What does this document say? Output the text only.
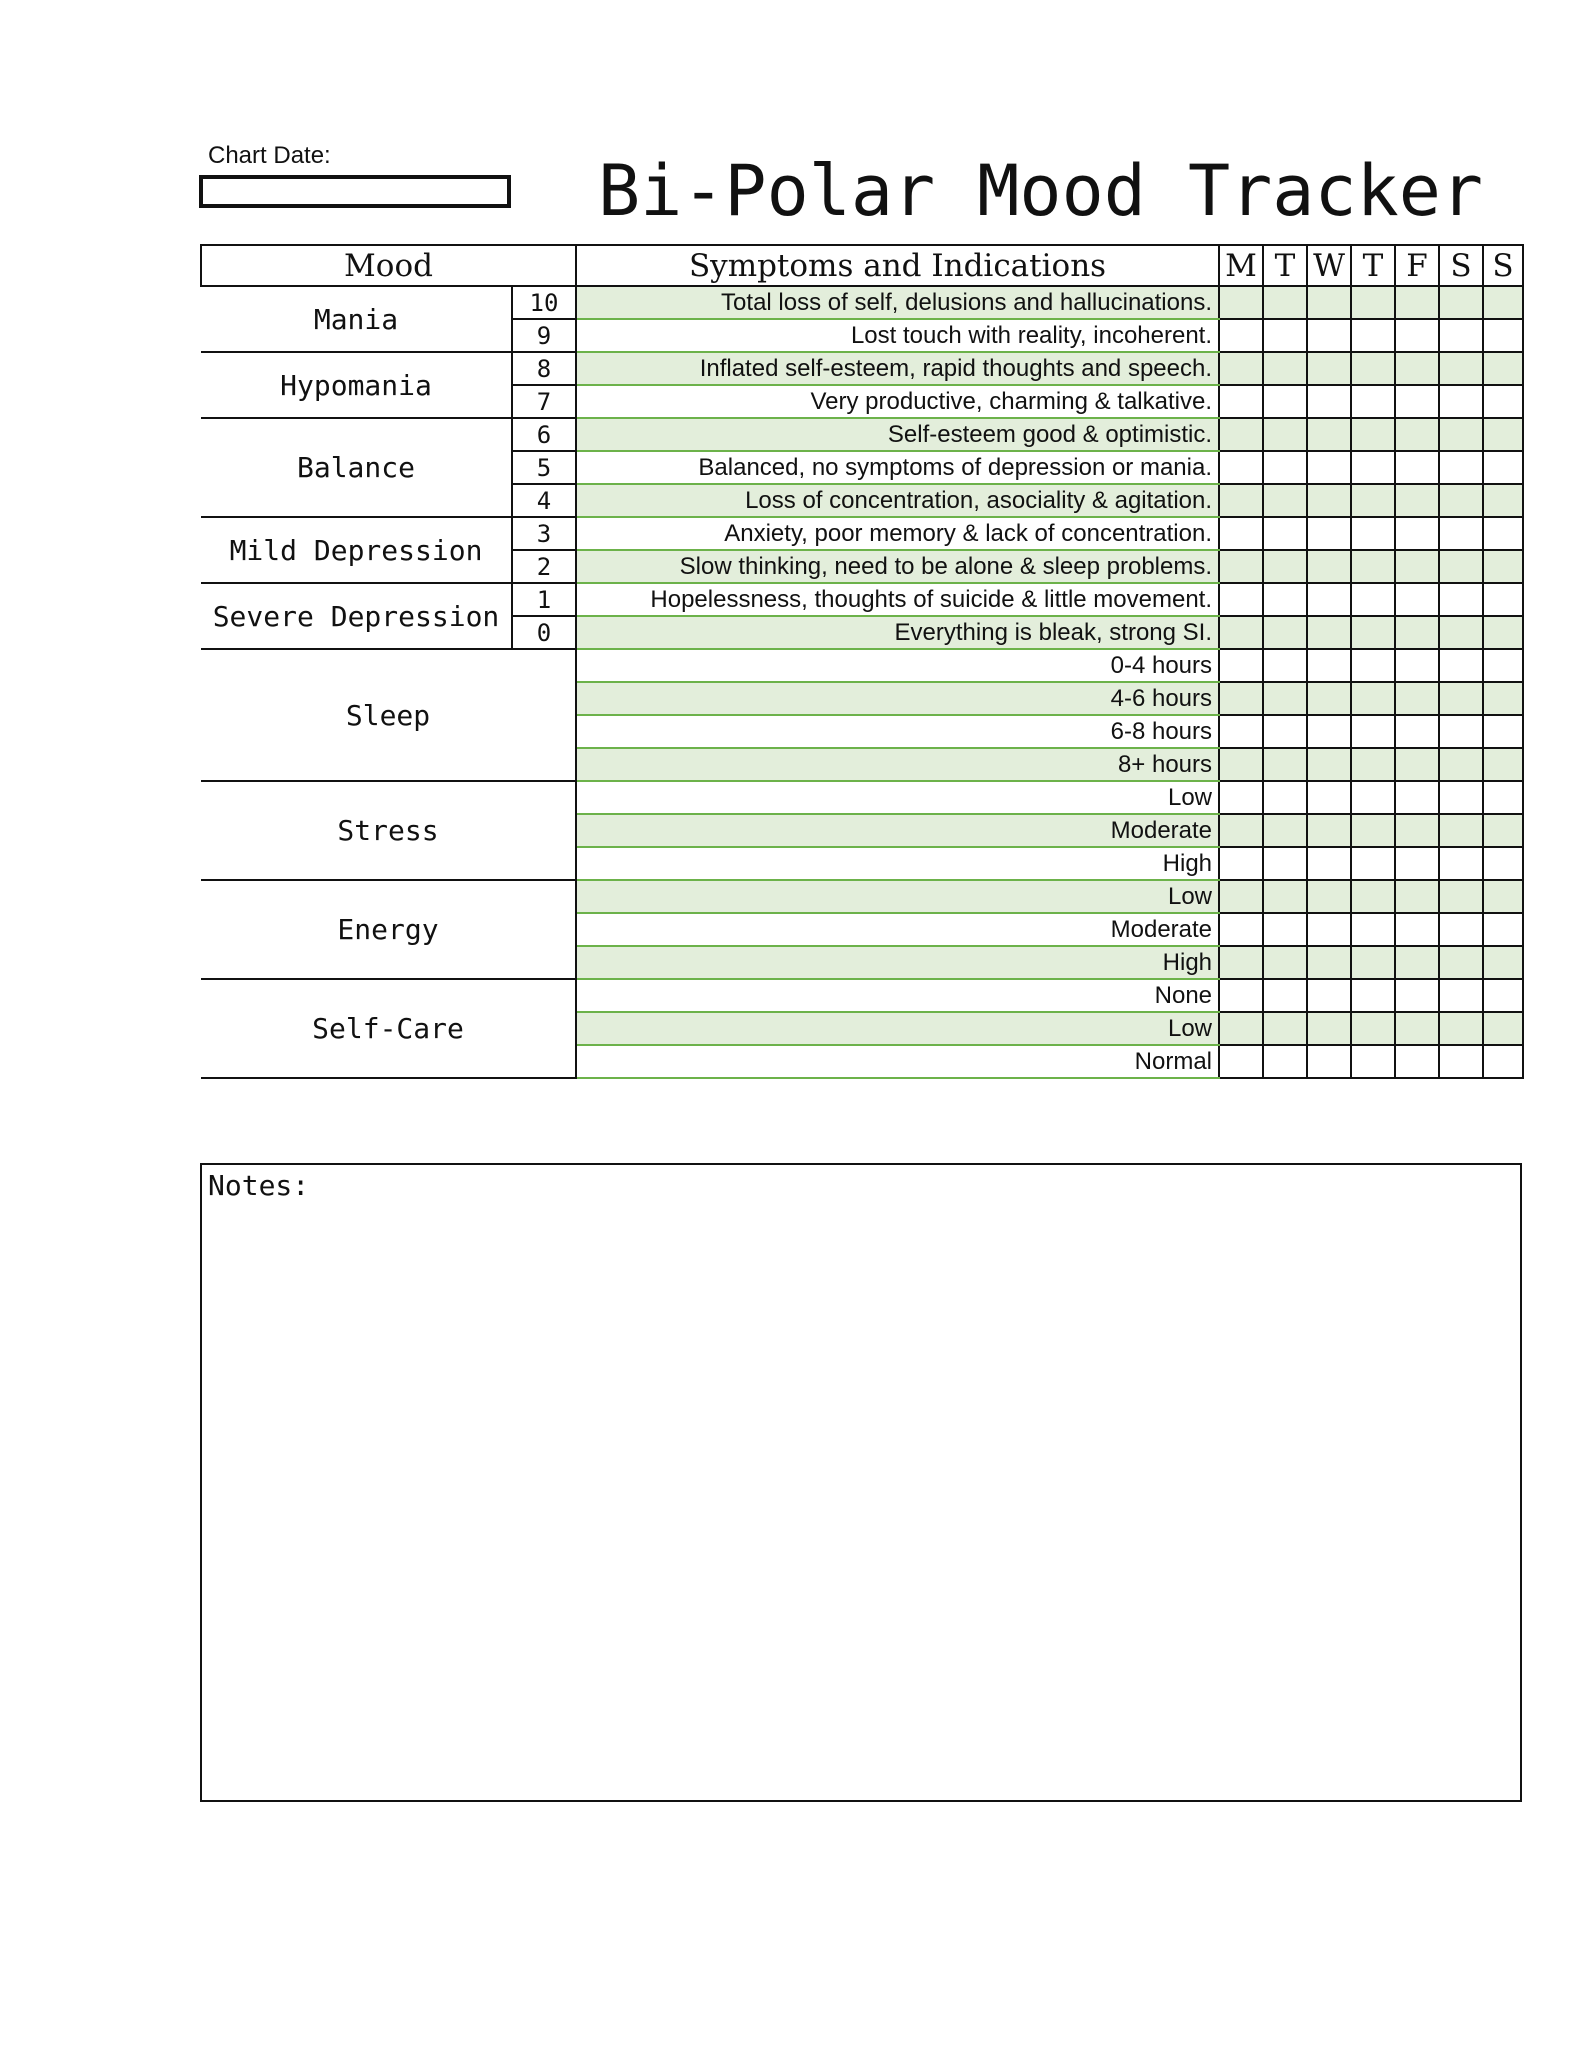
Chart Date:	Bi-Polar Mood Tracker
Mood		Symptoms and Indications	M	T	W	T	F	S	S
Mania	10	Total loss of self, delusions and hallucinations.							
	9	Lost touch with reality, incoherent.							
Hypomania	8	Inflated self-esteem, rapid thoughts and speech.							
	7	Very productive, charming & talkative.							
Balance	6	Self-esteem good & optimistic.							
	5	Balanced, no symptoms of depression or mania.							
	4	Loss of concentration, asociality & agitation.							
Mild Depression	3	Anxiety, poor memory & lack of concentration.							
	2	Slow thinking, need to be alone & sleep problems.							
Severe Depression	1	Hopelessness, thoughts of suicide & little movement.							
	0	Everything is bleak, strong SI.							
Sleep		0-4 hours							
		4-6 hours							
		6-8 hours							
		8+ hours							
Stress		Low							
		Moderate							
		High							
Energy		Low							
		Moderate							
		High							
Self-Care		None							
		Low							
		Normal							
Notes:
